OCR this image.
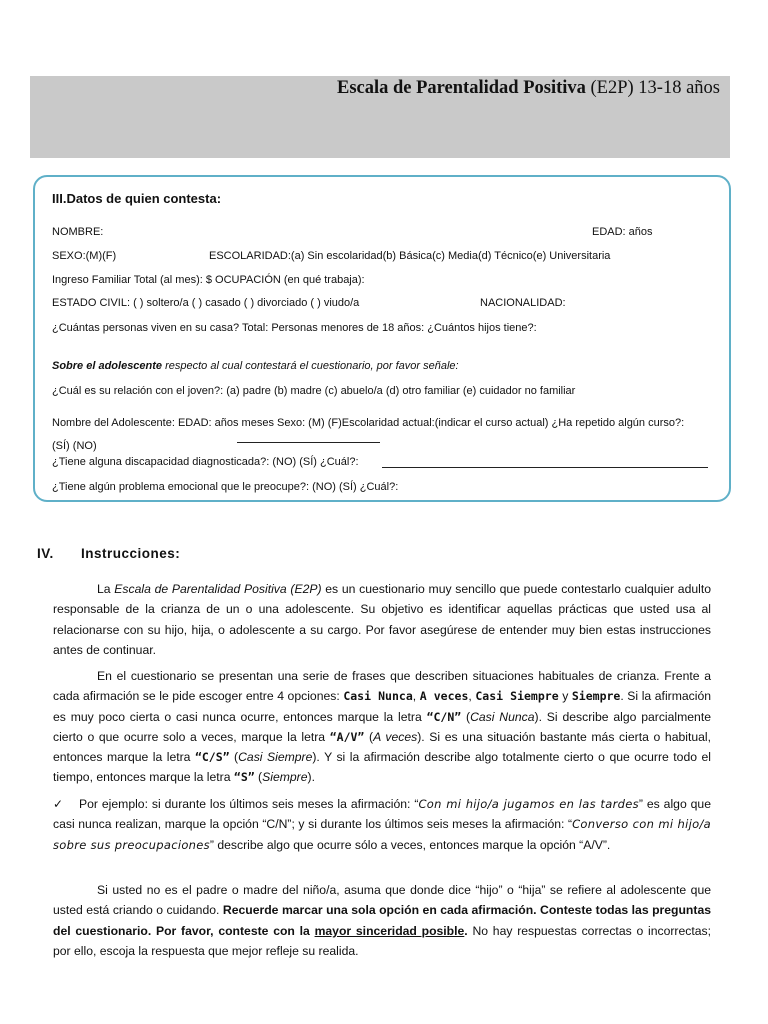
Escala de Parentalidad Positiva (E2P) 13-18 años
III.Datos de quien contesta:
NOMBRE:	EDAD: años
SEXO:(M)(F)	ESCOLARIDAD:(a) Sin escolaridad(b) Básica(c) Media(d) Técnico(e) Universitaria
Ingreso Familiar Total (al mes): $ OCUPACIÓN (en qué trabaja):
ESTADO CIVIL: ( ) soltero/a ( ) casado ( ) divorciado ( ) viudo/a	NACIONALIDAD:
¿Cuántas personas viven en su casa? Total: Personas menores de 18 años: ¿Cuántos hijos tiene?:
Sobre el adolescente respecto al cual contestará el cuestionario, por favor señale:
¿Cuál es su relación con el joven?: (a) padre (b) madre (c) abuelo/a (d) otro familiar (e) cuidador no familiar
Nombre del Adolescente: EDAD: años meses Sexo: (M) (F)Escolaridad actual:(indicar el curso actual) ¿Ha repetido algún curso?:
(SÍ) (NO)
¿Tiene alguna discapacidad diagnosticada?: (NO) (SÍ) ¿Cuál?:
¿Tiene algún problema emocional que le preocupe?: (NO) (SÍ) ¿Cuál?:
IV. Instrucciones:
La Escala de Parentalidad Positiva (E2P) es un cuestionario muy sencillo que puede contestarlo cualquier adulto responsable de la crianza de un o una adolescente. Su objetivo es identificar aquellas prácticas que usted usa al relacionarse con su hijo, hija, o adolescente a su cargo. Por favor asegúrese de entender muy bien estas instrucciones antes de continuar.
En el cuestionario se presentan una serie de frases que describen situaciones habituales de crianza. Frente a cada afirmación se le pide escoger entre 4 opciones: Casi Nunca, A veces, Casi Siempre y Siempre. Si la afirmación es muy poco cierta o casi nunca ocurre, entonces marque la letra “C/N” (Casi Nunca). Si describe algo parcialmente cierto o que ocurre solo a veces, marque la letra “A/V” (A veces). Si es una situación bastante más cierta o habitual, entonces marque la letra “C/S” (Casi Siempre). Y si la afirmación describe algo totalmente cierto o que ocurre todo el tiempo, entonces marque la letra “S” (Siempre).
✓ Por ejemplo: si durante los últimos seis meses la afirmación: “Con mi hijo/a jugamos en las tardes” es algo que casi nunca realizan, marque la opción “C/N”; y si durante los últimos seis meses la afirmación: “Converso con mi hijo/a sobre sus preocupaciones” describe algo que ocurre sólo a veces, entonces marque la opción “A/V”.
Si usted no es el padre o madre del niño/a, asuma que donde dice “hijo” o “hija” se refiere al adolescente que usted está criando o cuidando. Recuerde marcar una sola opción en cada afirmación. Conteste todas las preguntas del cuestionario. Por favor, conteste con la mayor sinceridad posible. No hay respuestas correctas o incorrectas; por ello, escoja la respuesta que mejor refleje su realida.
